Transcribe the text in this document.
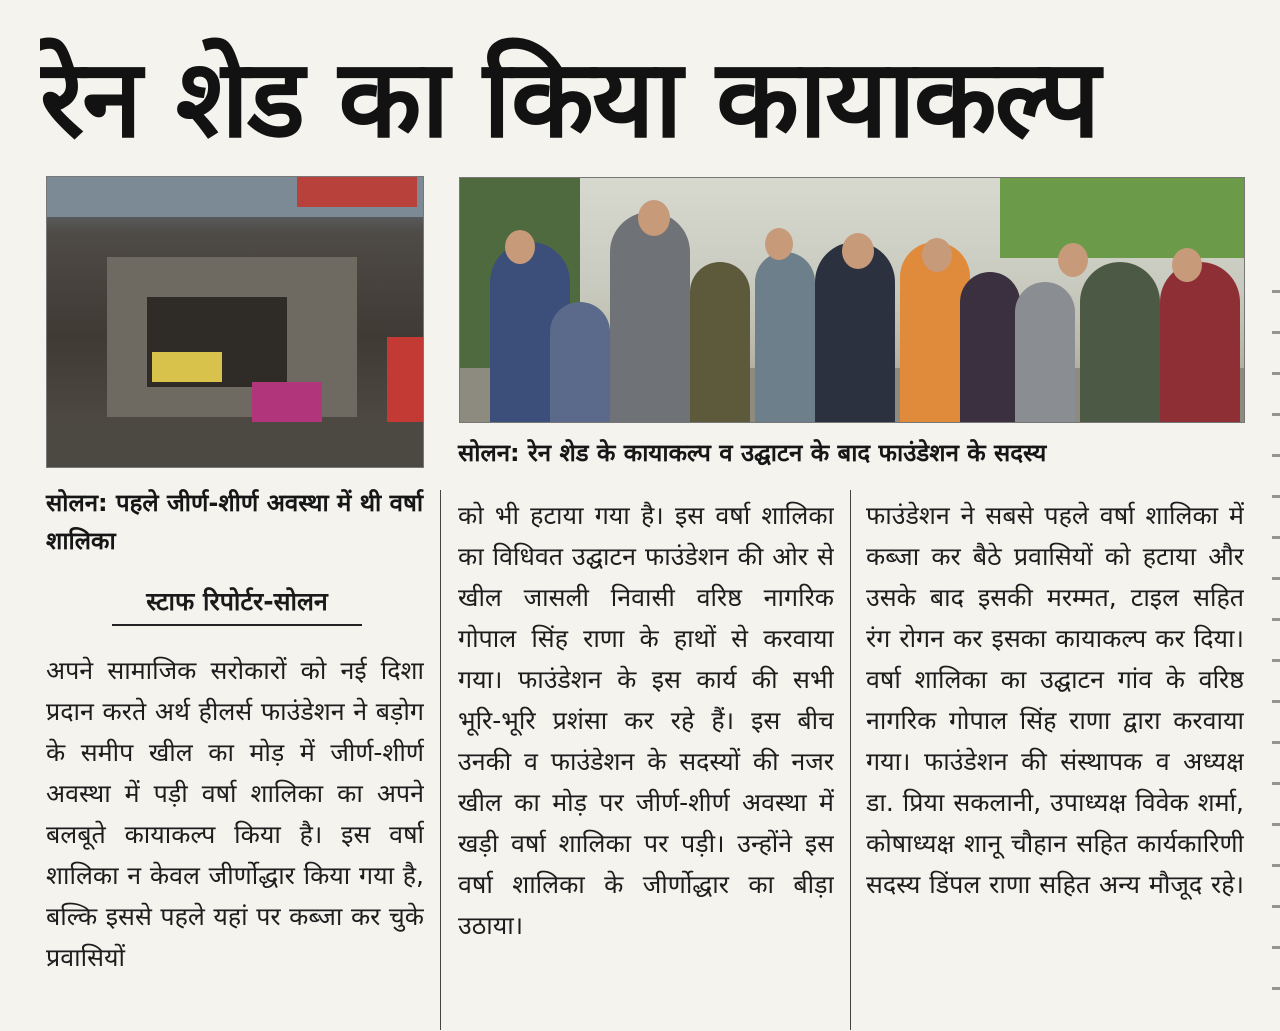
रेन शेड का किया कायाकल्प
सोलन: रेन शेड के कायाकल्प व उद्घाटन के बाद फाउंडेशन के सदस्य
सोलन: पहले जीर्ण-शीर्ण अवस्था में थी वर्षा शालिका
स्टाफ रिपोर्टर-सोलन
अपने सामाजिक सरोकारों को नई दिशा प्रदान करते अर्थ हीलर्स फाउंडेशन ने बड़ोग के समीप खील का मोड़ में जीर्ण-शीर्ण अवस्था में पड़ी वर्षा शालिका का अपने बलबूते कायाकल्प किया है। इस वर्षा शालिका न केवल जीर्णोद्धार किया गया है, बल्कि इससे पहले यहां पर कब्जा कर चुके प्रवासियों
को भी हटाया गया है। इस वर्षा शालिका का विधिवत उद्घाटन फाउंडेशन की ओर से खील जासली निवासी वरिष्ठ नागरिक गोपाल सिंह राणा के हाथों से करवाया गया। फाउंडेशन के इस कार्य की सभी भूरि-भूरि प्रशंसा कर रहे हैं। इस बीच उनकी व फाउंडेशन के सदस्यों की नजर खील का मोड़ पर जीर्ण-शीर्ण अवस्था में खड़ी वर्षा शालिका पर पड़ी। उन्होंने इस वर्षा शालिका के जीर्णोद्धार का बीड़ा उठाया।
फाउंडेशन ने सबसे पहले वर्षा शालिका में कब्जा कर बैठे प्रवासियों को हटाया और उसके बाद इसकी मरम्मत, टाइल सहित रंग रोगन कर इसका कायाकल्प कर दिया। वर्षा शालिका का उद्घाटन गांव के वरिष्ठ नागरिक गोपाल सिंह राणा द्वारा करवाया गया। फाउंडेशन की संस्थापक व अध्यक्ष डा. प्रिया सकलानी, उपाध्यक्ष विवेक शर्मा, कोषाध्यक्ष शानू चौहान सहित कार्यकारिणी सदस्य डिंपल राणा सहित अन्य मौजूद रहे।
